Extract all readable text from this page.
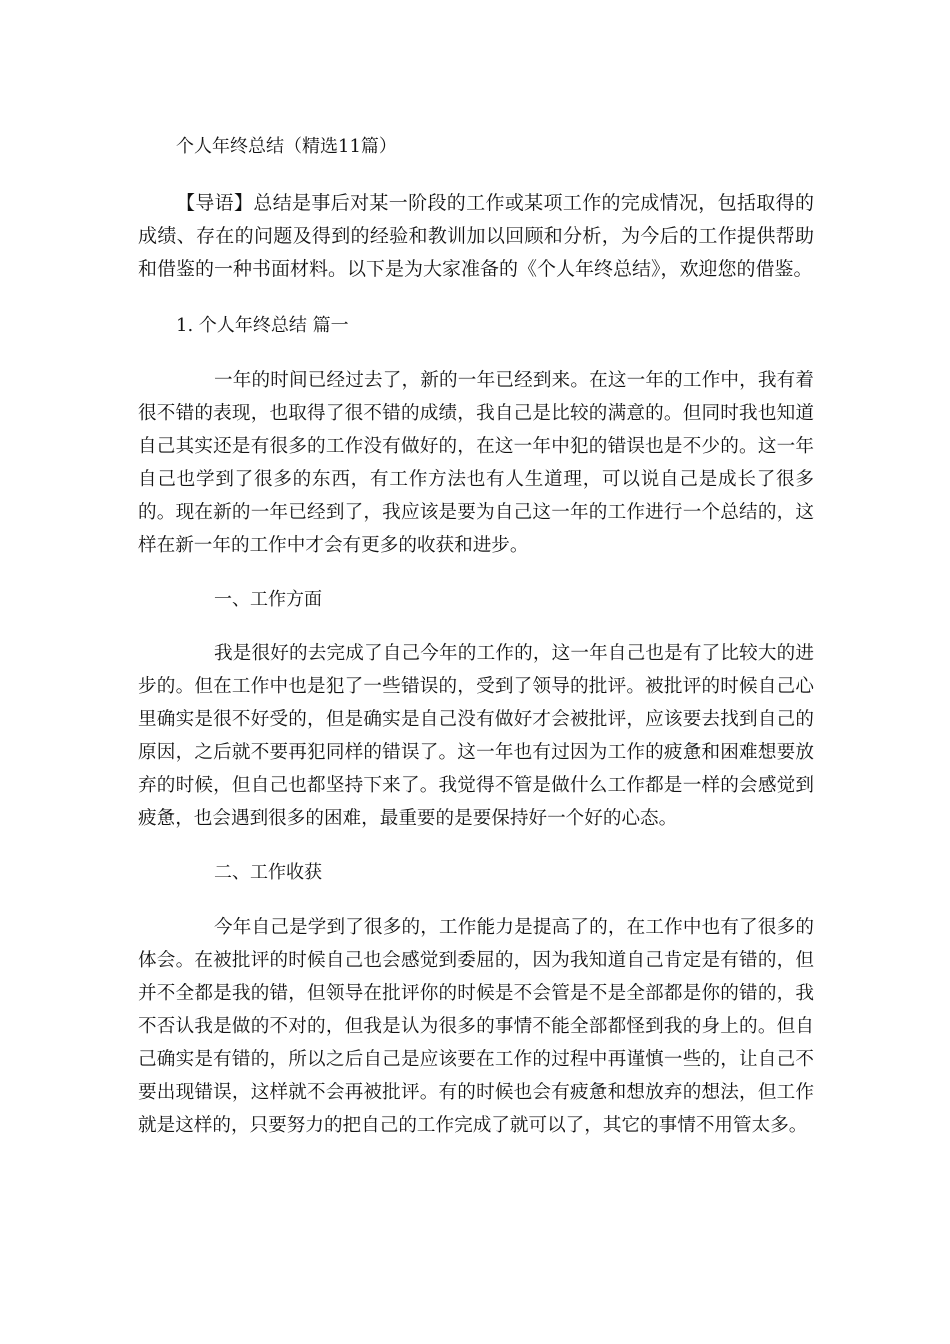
个人年终总结（精选11篇）

【导语】总结是事后对某一阶段的工作或某项工作的完成情况，包括取得的成绩、存在的问题及得到的经验和教训加以回顾和分析，为今后的工作提供帮助和借鉴的一种书面材料。以下是为大家准备的《个人年终总结》，欢迎您的借鉴。

1. 个人年终总结 篇一

一年的时间已经过去了，新的一年已经到来。在这一年的工作中，我有着很不错的表现，也取得了很不错的成绩，我自己是比较的满意的。但同时我也知道自己其实还是有很多的工作没有做好的，在这一年中犯的错误也是不少的。这一年自己也学到了很多的东西，有工作方法也有人生道理，可以说自己是成长了很多的。现在新的一年已经到了，我应该是要为自己这一年的工作进行一个总结的，这样在新一年的工作中才会有更多的收获和进步。

一、工作方面

我是很好的去完成了自己今年的工作的，这一年自己也是有了比较大的进步的。但在工作中也是犯了一些错误的，受到了领导的批评。被批评的时候自己心里确实是很不好受的，但是确实是自己没有做好才会被批评，应该要去找到自己的原因，之后就不要再犯同样的错误了。这一年也有过因为工作的疲惫和困难想要放弃的时候，但自己也都坚持下来了。我觉得不管是做什么工作都是一样的会感觉到疲惫，也会遇到很多的困难，最重要的是要保持好一个好的心态。

二、工作收获

今年自己是学到了很多的，工作能力是提高了的，在工作中也有了很多的体会。在被批评的时候自己也会感觉到委屈的，因为我知道自己肯定是有错的，但并不全都是我的错，但领导在批评你的时候是不会管是不是全部都是你的错的，我不否认我是做的不对的，但我是认为很多的事情不能全部都怪到我的身上的。但自己确实是有错的，所以之后自己是应该要在工作的过程中再谨慎一些的，让自己不要出现错误，这样就不会再被批评。有的时候也会有疲惫和想放弃的想法，但工作就是这样的，只要努力的把自己的工作完成了就可以了，其它的事情不用管太多。
